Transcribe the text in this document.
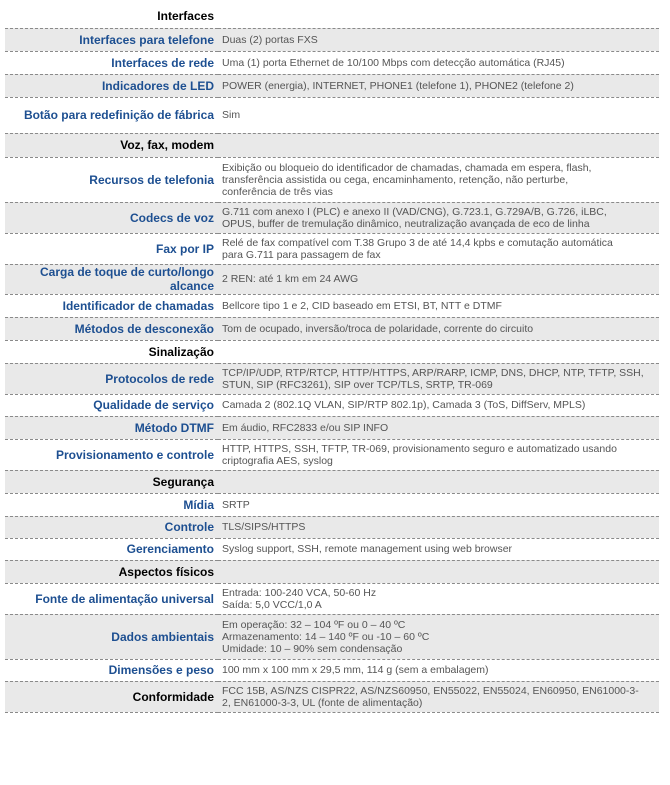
Interfaces	
Interfaces para telefone	Duas (2) portas FXS

Interfaces de rede	Uma (1) porta Ethernet de 10/100 Mbps com detecção automática (RJ45)

Indicadores de LED	POWER (energia), INTERNET, PHONE1 (telefone 1), PHONE2 (telefone 2)

Botão para redefinição de fábrica	Sim

Voz, fax, modem	
Recursos de telefonia	Exibição ou bloqueio do identificador de chamadas, chamada em espera, flash,
transferência assistida ou cega, encaminhamento, retenção, não perturbe,
conferência de três vias

Codecs de voz	G.711 com anexo I (PLC) e anexo II (VAD/CNG), G.723.1, G.729A/B, G.726, iLBC,
OPUS, buffer de tremulação dinâmico, neutralização avançada de eco de linha

Fax por IP	Relé de fax compatível com T.38 Grupo 3 de até 14,4 kpbs e comutação automática
para G.711 para passagem de fax

Carga de toque de curto/longo alcance	2 REN: até 1 km em 24 AWG

Identificador de chamadas	Bellcore tipo 1 e 2, CID baseado em ETSI, BT, NTT e DTMF

Métodos de desconexão	Tom de ocupado, inversão/troca de polaridade, corrente do circuito

Sinalização	
Protocolos de rede	TCP/IP/UDP, RTP/RTCP, HTTP/HTTPS, ARP/RARP, ICMP, DNS, DHCP, NTP, TFTP, SSH,
STUN, SIP (RFC3261), SIP over TCP/TLS, SRTP, TR-069

Qualidade de serviço	Camada 2 (802.1Q VLAN, SIP/RTP 802.1p), Camada 3 (ToS, DiffServ, MPLS)

Método DTMF	Em áudio, RFC2833 e/ou SIP INFO

Provisionamento e controle	HTTP, HTTPS, SSH, TFTP, TR-069, provisionamento seguro e automatizado usando
criptografia AES, syslog

Segurança	
Mídia	SRTP

Controle	TLS/SIPS/HTTPS

Gerenciamento	Syslog support, SSH, remote management using web browser

Aspectos físicos	
Fonte de alimentação universal	Entrada: 100-240 VCA, 50-60 Hz
Saída: 5,0 VCC/1,0 A

Dados ambientais	Em operação: 32 – 104 ºF ou 0 – 40 ºC
Armazenamento: 14 – 140 ºF ou -10 – 60 ºC
Umidade: 10 – 90% sem condensação

Dimensões e peso	100 mm x 100 mm x 29,5 mm, 114 g (sem a embalagem)

Conformidade	FCC 15B, AS/NZS CISPR22, AS/NZS60950, EN55022, EN55024, EN60950, EN61000-3-
2, EN61000-3-3, UL (fonte de alimentação)
